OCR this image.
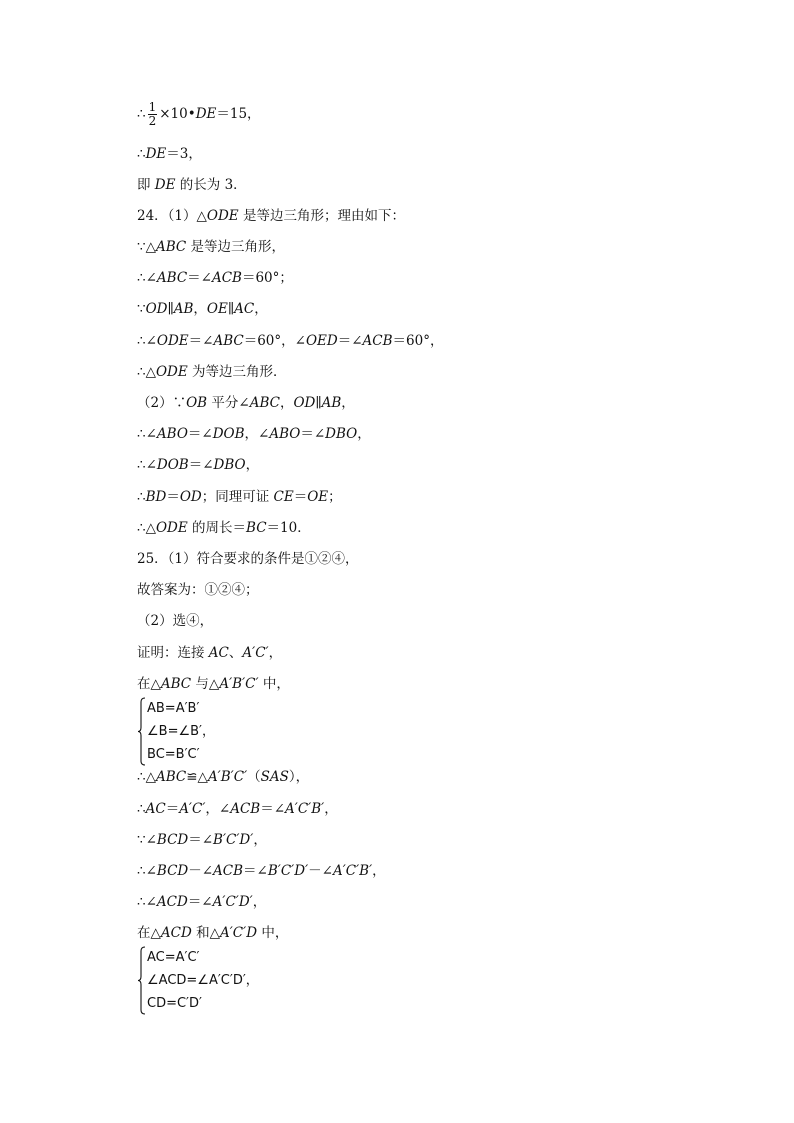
∴ $\frac{1}{2}$ ×10•DE＝15，
∴DE＝3，
即 DE 的长为 3．
24．（1）△ODE 是等边三角形；理由如下：
∵△ABC 是等边三角形，
∴∠ABC＝∠ACB＝60°；
∵OD∥AB，OE∥AC，
∴∠ODE＝∠ABC＝60°，∠OED＝∠ACB＝60°，
∴△ODE 为等边三角形．
（2）∵OB 平分∠ABC，OD∥AB，
∴∠ABO＝∠DOB，∠ABO＝∠DBO，
∴∠DOB＝∠DBO，
∴BD＝OD；同理可证 CE＝OE；
∴△ODE 的周长＝BC＝10．
25．（1）符合要求的条件是①②④，
故答案为：①②④；
（2）选④，
证明：连接 AC、A′C′，
在△ABC 与△A′B′C′ 中，
∴△ABC≌△A′B′C′（SAS），
∴AC＝A′C′，∠ACB＝∠A′C′B′，
∵∠BCD＝∠B′C′D′，
∴∠BCD－∠ACB＝∠B′C′D′－∠A′C′B′，
∴∠ACD＝∠A′C′D′，
在△ACD 和△A′C′D 中，
AB=A′B′
∠B=∠B′，
BC=B′C′
AC=A′C′
∠ACD=∠A′C′D′，
CD=C′D′
